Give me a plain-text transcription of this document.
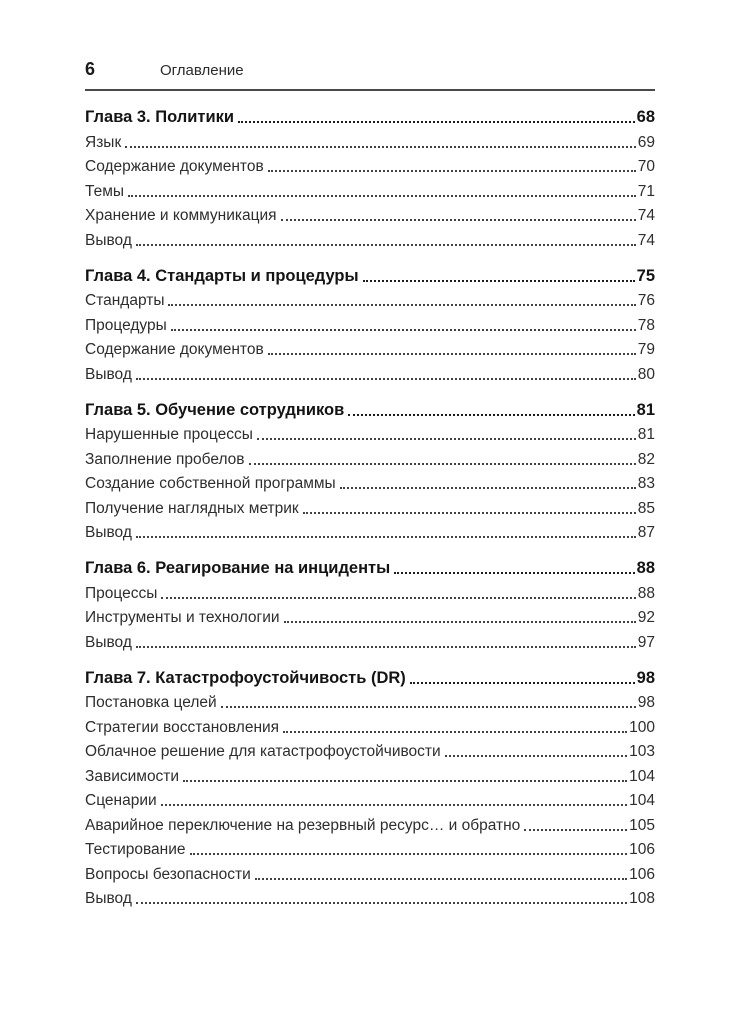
6	Оглавление
Глава 3. Политики	68
Язык	69
Содержание документов	70
Темы	71
Хранение и коммуникация	74
Вывод	74
Глава 4. Стандарты и процедуры	75
Стандарты	76
Процедуры	78
Содержание документов	79
Вывод	80
Глава 5. Обучение сотрудников	81
Нарушенные процессы	81
Заполнение пробелов	82
Создание собственной программы	83
Получение наглядных метрик	85
Вывод	87
Глава 6. Реагирование на инциденты	88
Процессы	88
Инструменты и технологии	92
Вывод	97
Глава 7. Катастрофоустойчивость (DR)	98
Постановка целей	98
Стратегии восстановления	100
Облачное решение для катастрофоустойчивости	103
Зависимости	104
Сценарии	104
Аварийное переключение на резервный ресурс… и обратно	105
Тестирование	106
Вопросы безопасности	106
Вывод	108
